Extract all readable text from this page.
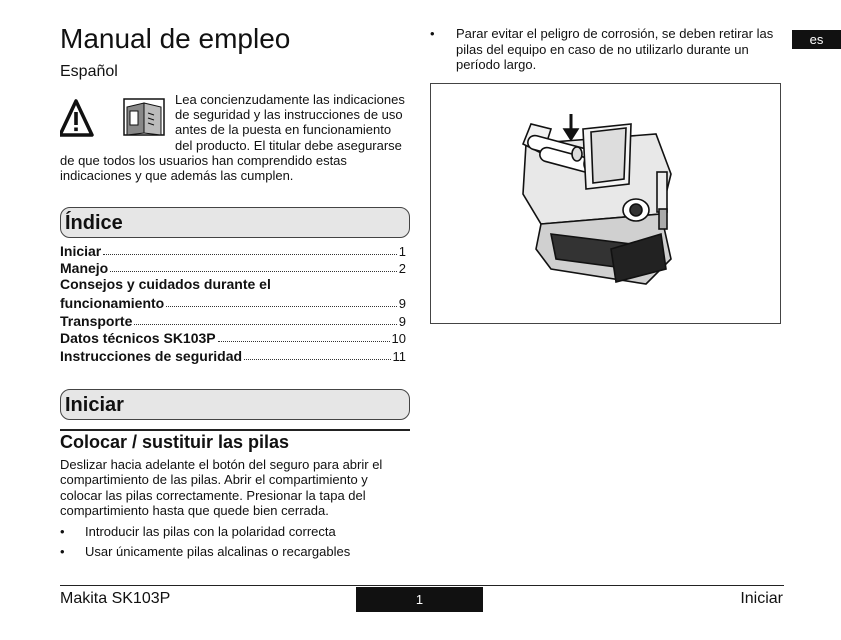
Manual de empleo
Español
es
Lea concienzudamente las indicaciones de seguridad y las instrucciones de uso antes de la puesta en funcionamiento del producto. El titular debe asegurarse de que todos los usuarios han comprendido estas indicaciones y que además las cumplen.
Índice
Iniciar	1
Manejo	2
Consejos y cuidados durante el
funcionamiento	9
Transporte	9
Datos técnicos SK103P	10
Instrucciones de seguridad	11
Iniciar
Colocar / sustituir las pilas
Deslizar hacia adelante el botón del seguro para abrir el compartimiento de las pilas. Abrir el compartimiento y colocar las pilas correctamente. Presionar la tapa del compartimiento hasta que quede bien cerrada.
•	Introducir las pilas con la polaridad correcta
•	Usar únicamente pilas alcalinas o recargables
•	Parar evitar el peligro de corrosión, se deben retirar las pilas del equipo en caso de no utilizarlo durante un período largo.
Makita SK103P	1	Iniciar
